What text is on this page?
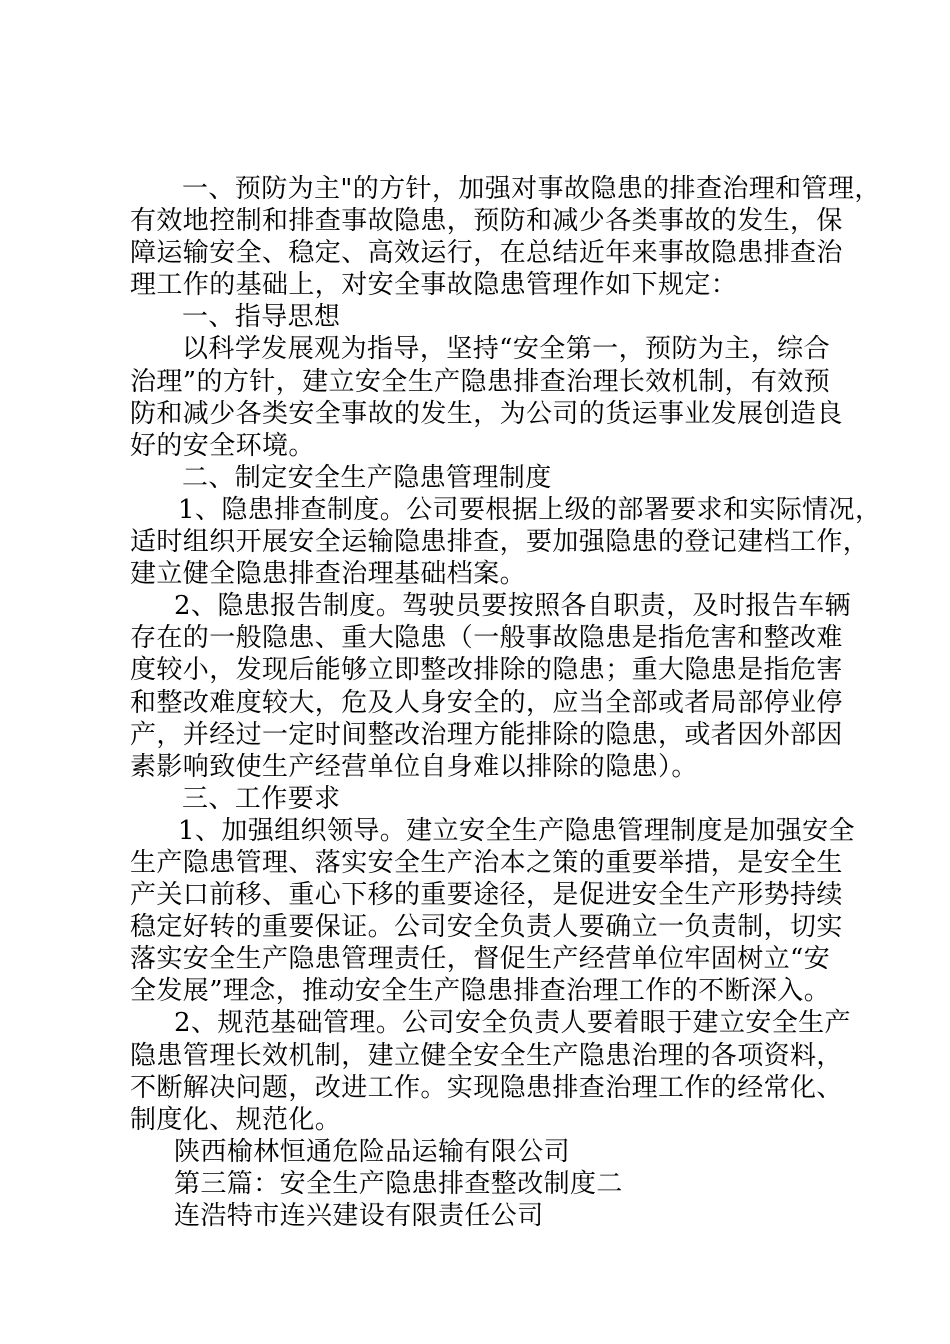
一、预防为主"的方针，加强对事故隐患的排查治理和管理，
有效地控制和排查事故隐患，预防和减少各类事故的发生，保
障运输安全、稳定、高效运行，在总结近年来事故隐患排查治
理工作的基础上，对安全事故隐患管理作如下规定：
一、指导思想
以科学发展观为指导，坚持“安全第一，预防为主，综合
治理”的方针，建立安全生产隐患排查治理长效机制，有效预
防和减少各类安全事故的发生，为公司的货运事业发展创造良
好的安全环境。
二、制定安全生产隐患管理制度
1、隐患排查制度。公司要根据上级的部署要求和实际情况，
适时组织开展安全运输隐患排查，要加强隐患的登记建档工作，
建立健全隐患排查治理基础档案。
2、隐患报告制度。驾驶员要按照各自职责，及时报告车辆
存在的一般隐患、重大隐患（一般事故隐患是指危害和整改难
度较小，发现后能够立即整改排除的隐患；重大隐患是指危害
和整改难度较大，危及人身安全的，应当全部或者局部停业停
产，并经过一定时间整改治理方能排除的隐患，或者因外部因
素影响致使生产经营单位自身难以排除的隐患）。
三、工作要求
1、加强组织领导。建立安全生产隐患管理制度是加强安全
生产隐患管理、落实安全生产治本之策的重要举措，是安全生
产关口前移、重心下移的重要途径，是促进安全生产形势持续
稳定好转的重要保证。公司安全负责人要确立一负责制，切实
落实安全生产隐患管理责任，督促生产经营单位牢固树立“安
全发展”理念，推动安全生产隐患排查治理工作的不断深入。
2、规范基础管理。公司安全负责人要着眼于建立安全生产
隐患管理长效机制，建立健全安全生产隐患治理的各项资料，
不断解决问题，改进工作。实现隐患排查治理工作的经常化、
制度化、规范化。
陕西榆林恒通危险品运输有限公司
第三篇：安全生产隐患排查整改制度二
连浩特市连兴建设有限责任公司
